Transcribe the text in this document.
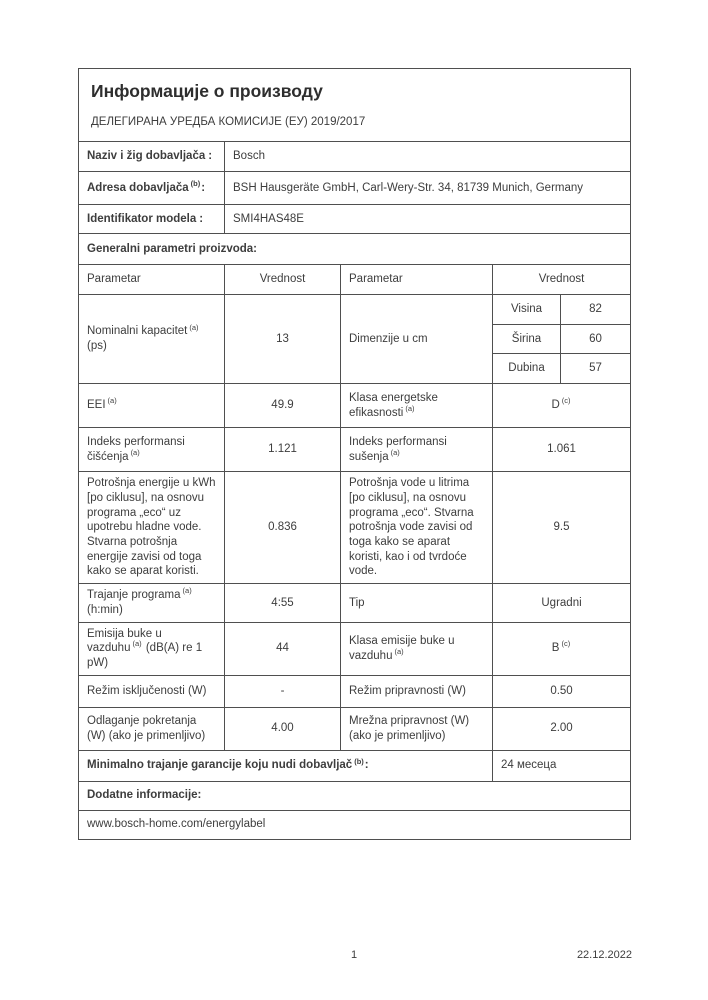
Информације о производу
ДЕЛЕГИРАНА УРЕДБА КОМИСИЈЕ (ЕУ) 2019/2017				

Naziv i žig dobavljača :	Bosch			
Adresa dobavljača $^{(b)}$:	BSH Hausgeräte GmbH, Carl-Wery-Str. 34, 81739 Munich, Germany			
Identifikator modela :	SMI4HAS48E			
Generalni parametri proizvoda:				
Parametar	Vrednost	Parametar	Vrednost	
Nominalni kapacitet $^{(a)}$ (ps)	13	Dimenzije u cm	Visina	82
			Širina	60
			Dubina	57
EEI $^{(a)}$	49.9	Klasa energetske efikasnosti $^{(a)}$	D $^{(c)}$
Indeks performansi čišćenja $^{(a)}$	1.121	Indeks performansi sušenja $^{(a)}$	1.061	
Potrošnja energije u kWh [po ciklusu], na osnovu programa „eco“ uz upotrebu hladne vode. Stvarna potrošnja energije zavisi od toga kako se aparat koristi.	0.836	Potrošnja vode u litrima [po ciklusu], na osnovu programa „eco“. Stvarna potrošnja vode zavisi od toga kako se aparat koristi, kao i od tvrdoće vode.	9.5	
Trajanje programa $^{(a)}$ (h:min)	4:55	Tip	Ugradni	
Emisija buke u vazduhu $^{(a)}$ (dB(A) re 1 pW)	44	Klasa emisije buke u vazduhu $^{(a)}$	B $^{(c)}$
Režim isključenosti (W)	-	Režim pripravnosti (W)	0.50	
Odlaganje pokretanja (W) (ako je primenljivo)	4.00	Mrežna pripravnost (W) (ako je primenljivo)	2.00	
Minimalno trajanje garancije koju nudi dobavljač $^{(b)}$:			24 месеца	
Dodatne informacije:				
www.bosch-home.com/energylabel				
1	22.12.2022
